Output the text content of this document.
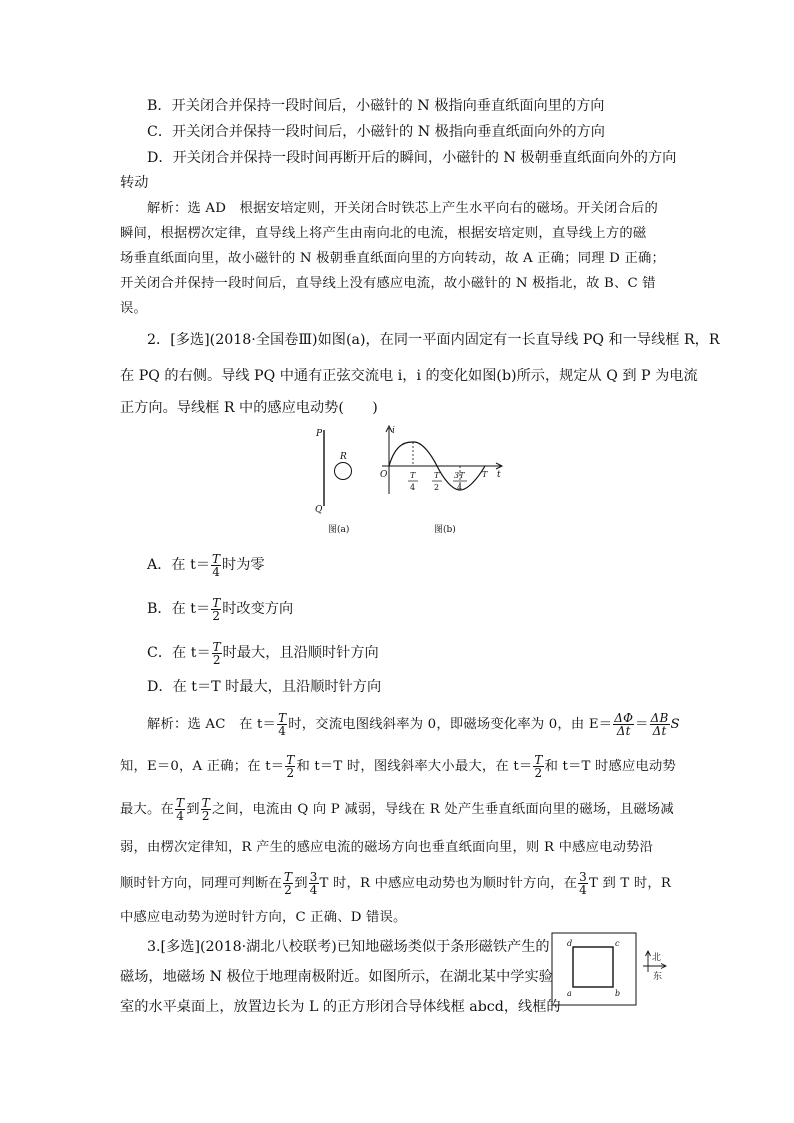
B．开关闭合并保持一段时间后，小磁针的 N 极指向垂直纸面向里的方向
C．开关闭合并保持一段时间后，小磁针的 N 极指向垂直纸面向外的方向
D．开关闭合并保持一段时间再断开后的瞬间，小磁针的 N 极朝垂直纸面向外的方向
转动
解析：选 AD　根据安培定则，开关闭合时铁芯上产生水平向右的磁场。开关闭合后的
瞬间，根据楞次定律，直导线上将产生由南向北的电流，根据安培定则，直导线上方的磁
场垂直纸面向里，故小磁针的 N 极朝垂直纸面向里的方向转动，故 A 正确；同理 D 正确；
开关闭合并保持一段时间后，直导线上没有感应电流，故小磁针的 N 极指北，故 B、C 错
误。
2．[多选](2018·全国卷Ⅲ)如图(a)，在同一平面内固定有一长直导线 PQ 和一导线框 R，R
在 PQ 的右侧。导线 PQ 中通有正弦交流电 i，i 的变化如图(b)所示，规定从 Q 到 P 为电流
正方向。导线框 R 中的感应电动势(　　)
P
Q
R
图(a)
i
O	t
T
4
T
2
3T
4
T
图(b)
A．在 $t= \frac{T}{4}$ 时为零
B．在 $t= \frac{T}{2}$ 时改变方向
C．在 $t= \frac{T}{2}$ 时最大，且沿顺时针方向
D．在 t＝T 时最大，且沿顺时针方向
解析：选 AC　在 $t= \frac{T}{4}$ 时，交流电图线斜率为 0，即磁场变化率为 0，由 $E= \frac{\Delta\Phi}{\Delta t} = \frac{\Delta B}{\Delta t}$ S
知，E＝0，A 正确；在 $t= \frac{T}{2}$ 和 t＝T 时，图线斜率大小最大，在 $t= \frac{T}{2}$ 和 t＝T 时感应电动势
最大。在 $\frac{T}{4}$ 到 $\frac{T}{2}$ 之间，电流由 Q 向 P 减弱，导线在 R 处产生垂直纸面向里的磁场，且磁场减
弱，由楞次定律知，R 产生的感应电流的磁场方向也垂直纸面向里，则 R 中感应电动势沿
顺时针方向，同理可判断在 $\frac{T}{2}$ 到 $\frac{3}{4}$ T 时，R 中感应电动势也为顺时针方向，在 $\frac{3}{4}$ T 到 T 时，R
中感应电动势为逆时针方向，C 正确、D 错误。
3.[多选](2018·湖北八校联考)已知地磁场类似于条形磁铁产生的
磁场，地磁场 N 极位于地理南极附近。如图所示，在湖北某中学实验
室的水平桌面上，放置边长为 L 的正方形闭合导体线框 abcd，线框的
d	c
a	b
北
东
